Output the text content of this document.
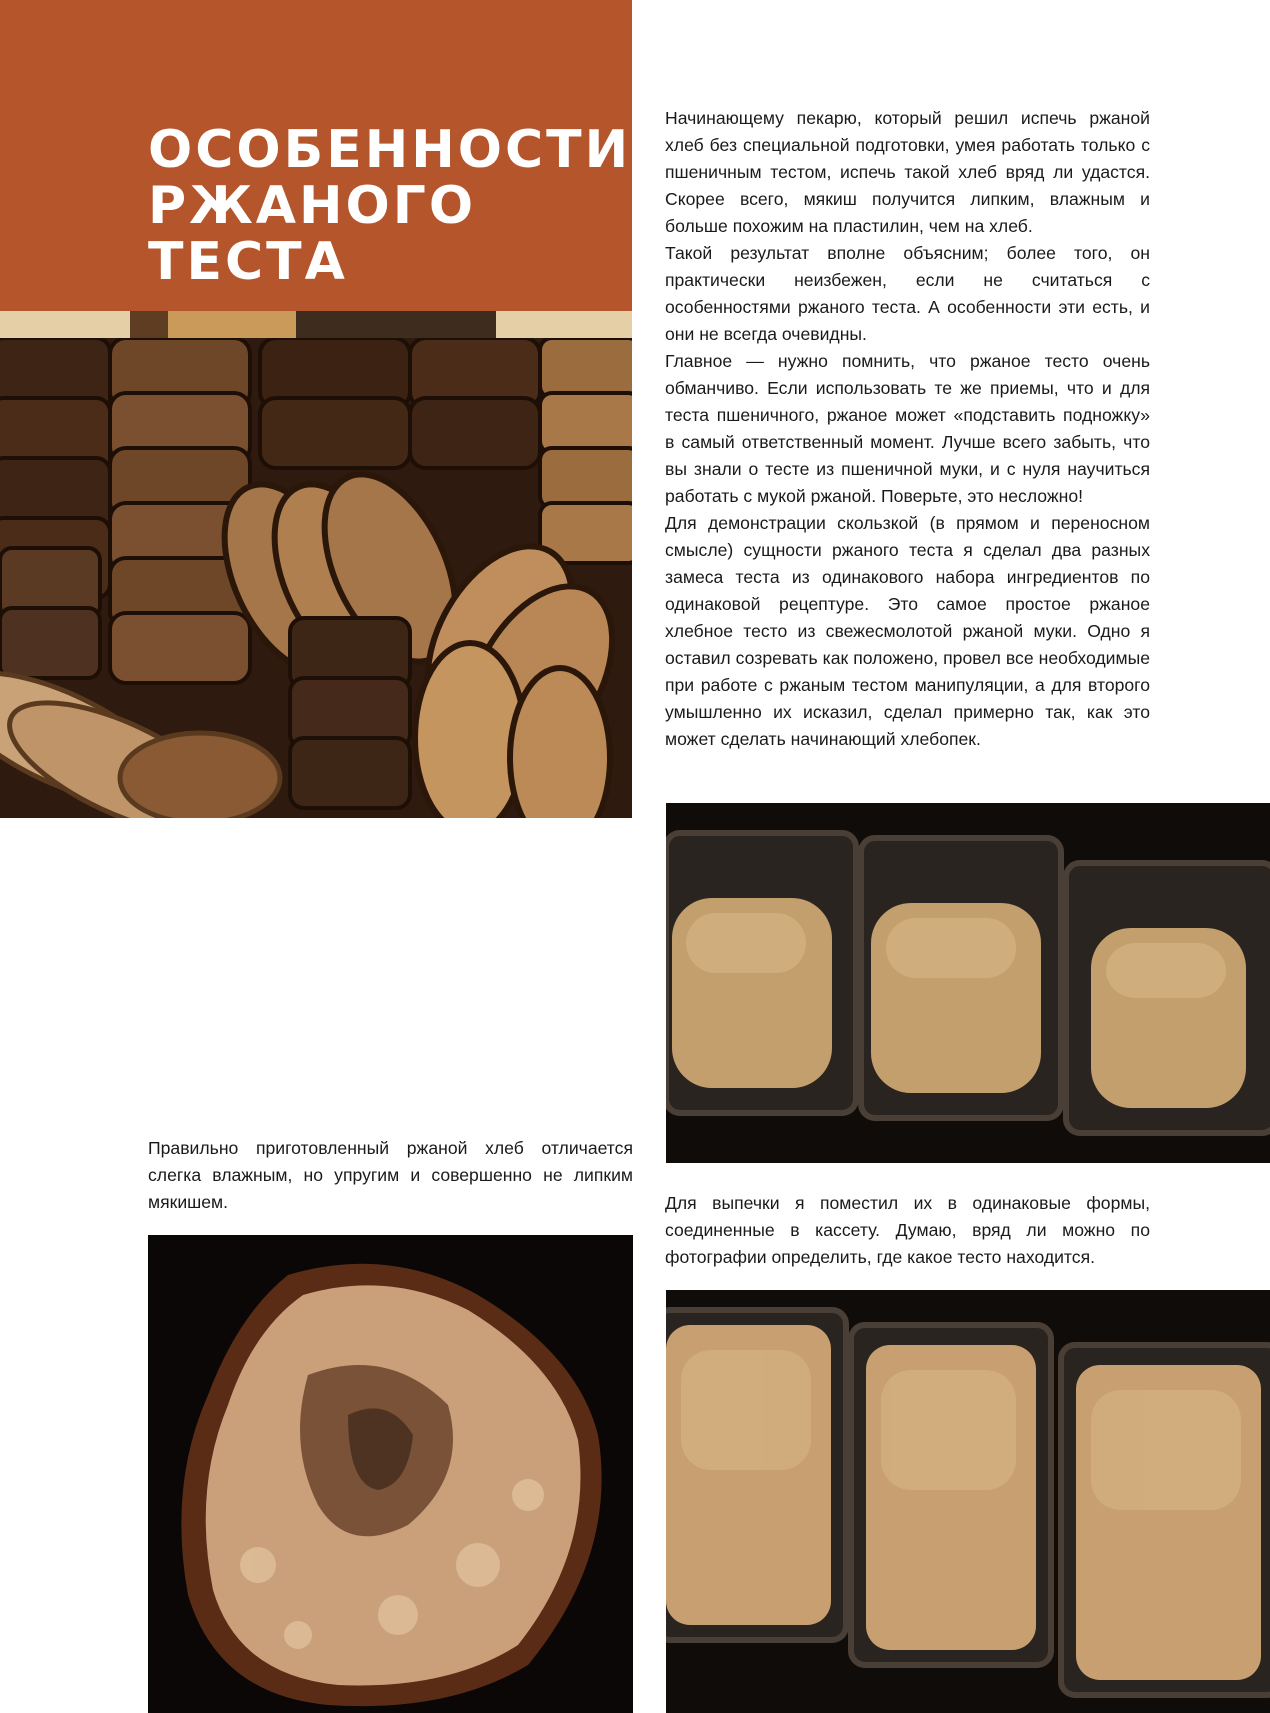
ОСОБЕННОСТИ
РЖАНОГО
ТЕСТА

Начинающему пекарю, который решил испечь ржаной хлеб без специальной подготовки, умея работать только с пшеничным тестом, испечь такой хлеб вряд ли удастся. Скорее всего, мякиш получится липким, влажным и больше похожим на пластилин, чем на хлеб.

Такой результат вполне объясним; более того, он практически неизбежен, если не считаться с особенностями ржаного теста. А особенности эти есть, и они не всегда очевидны.

Главное — нужно помнить, что ржаное тесто очень обманчиво. Если использовать те же приемы, что и для теста пшеничного, ржаное может «подставить подножку» в самый ответственный момент. Лучше всего забыть, что вы знали о тесте из пшеничной муки, и с нуля научиться работать с мукой ржаной. Поверьте, это несложно!

Для демонстрации скользкой (в прямом и переносном смысле) сущности ржаного теста я сделал два разных замеса теста из одинакового набора ингредиентов по одинаковой рецептуре. Это самое простое ржаное хлебное тесто из свежесмолотой ржаной муки. Одно я оставил созревать как положено, провел все необходимые при работе с ржаным тестом манипуляции, а для второго умышленно их исказил, сделал примерно так, как это может сделать начинающий хлебопек.

Правильно приготовленный ржаной хлеб отличается слегка влажным, но упругим и совершенно не липким мякишем.	Для выпечки я поместил их в одинаковые формы, соединенные в кассету. Думаю, вряд ли можно по фотографии определить, где какое тесто находится.
